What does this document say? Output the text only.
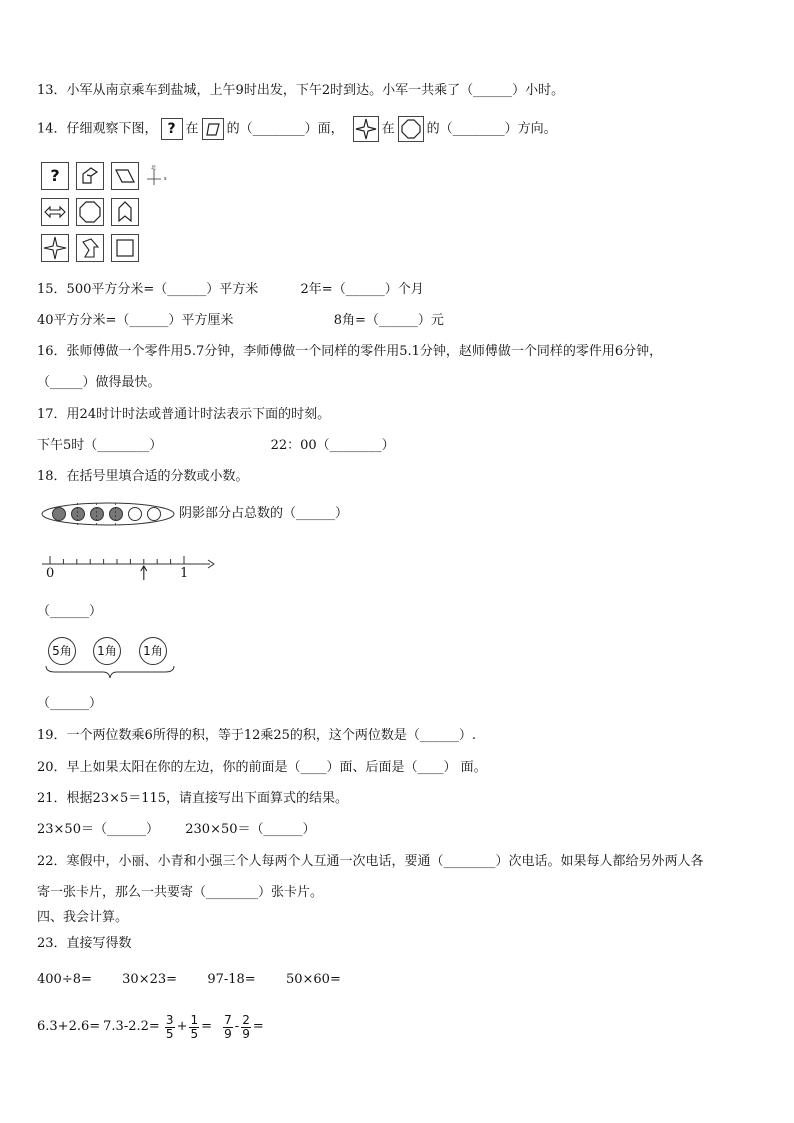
13．小军从南京乘车到盐城，上午9时出发，下午2时到达。小军一共乘了（______）小时。
14．仔细观察下图， ? 在 的（________）面，	在 的（________）方向。
?	北
s
15．500平方分米=（______）平方米	2年=（______）个月
40平方分米=（______）平方厘米	8角=（______）元
16．张师傅做一个零件用5.7分钟，李师傅做一个同样的零件用5.1分钟，赵师傅做一个同样的零件用6分钟，
（_____）做得最快。
17．用24时计时法或普通计时法表示下面的时刻。
下午5时（________）	22：00（________）
18．在括号里填合适的分数或小数。
阴影部分占总数的（______）
0	1
（______）
5角	1角	1角
（______）
19．一个两位数乘6所得的积，等于12乘25的积，这个两位数是（______）.
20．早上如果太阳在你的左边，你的前面是（____）面、后面是（____） 面。
21．根据23×5＝115，请直接写出下面算式的结果。
23×50＝（______） 230×50＝（______）
22．寒假中，小丽、小青和小强三个人每两个人互通一次电话，要通（________）次电话。如果每人都给另外两人各
寄一张卡片，那么一共要寄（________）张卡片。
四、我会计算。
23．直接写得数
400÷8= 30×23= 97-18= 50×60=
$6.3+2.6= 7.3-2.2= \frac{3}{5} + \frac{1}{5} = \frac{7}{9} - \frac{2}{9}$ =
